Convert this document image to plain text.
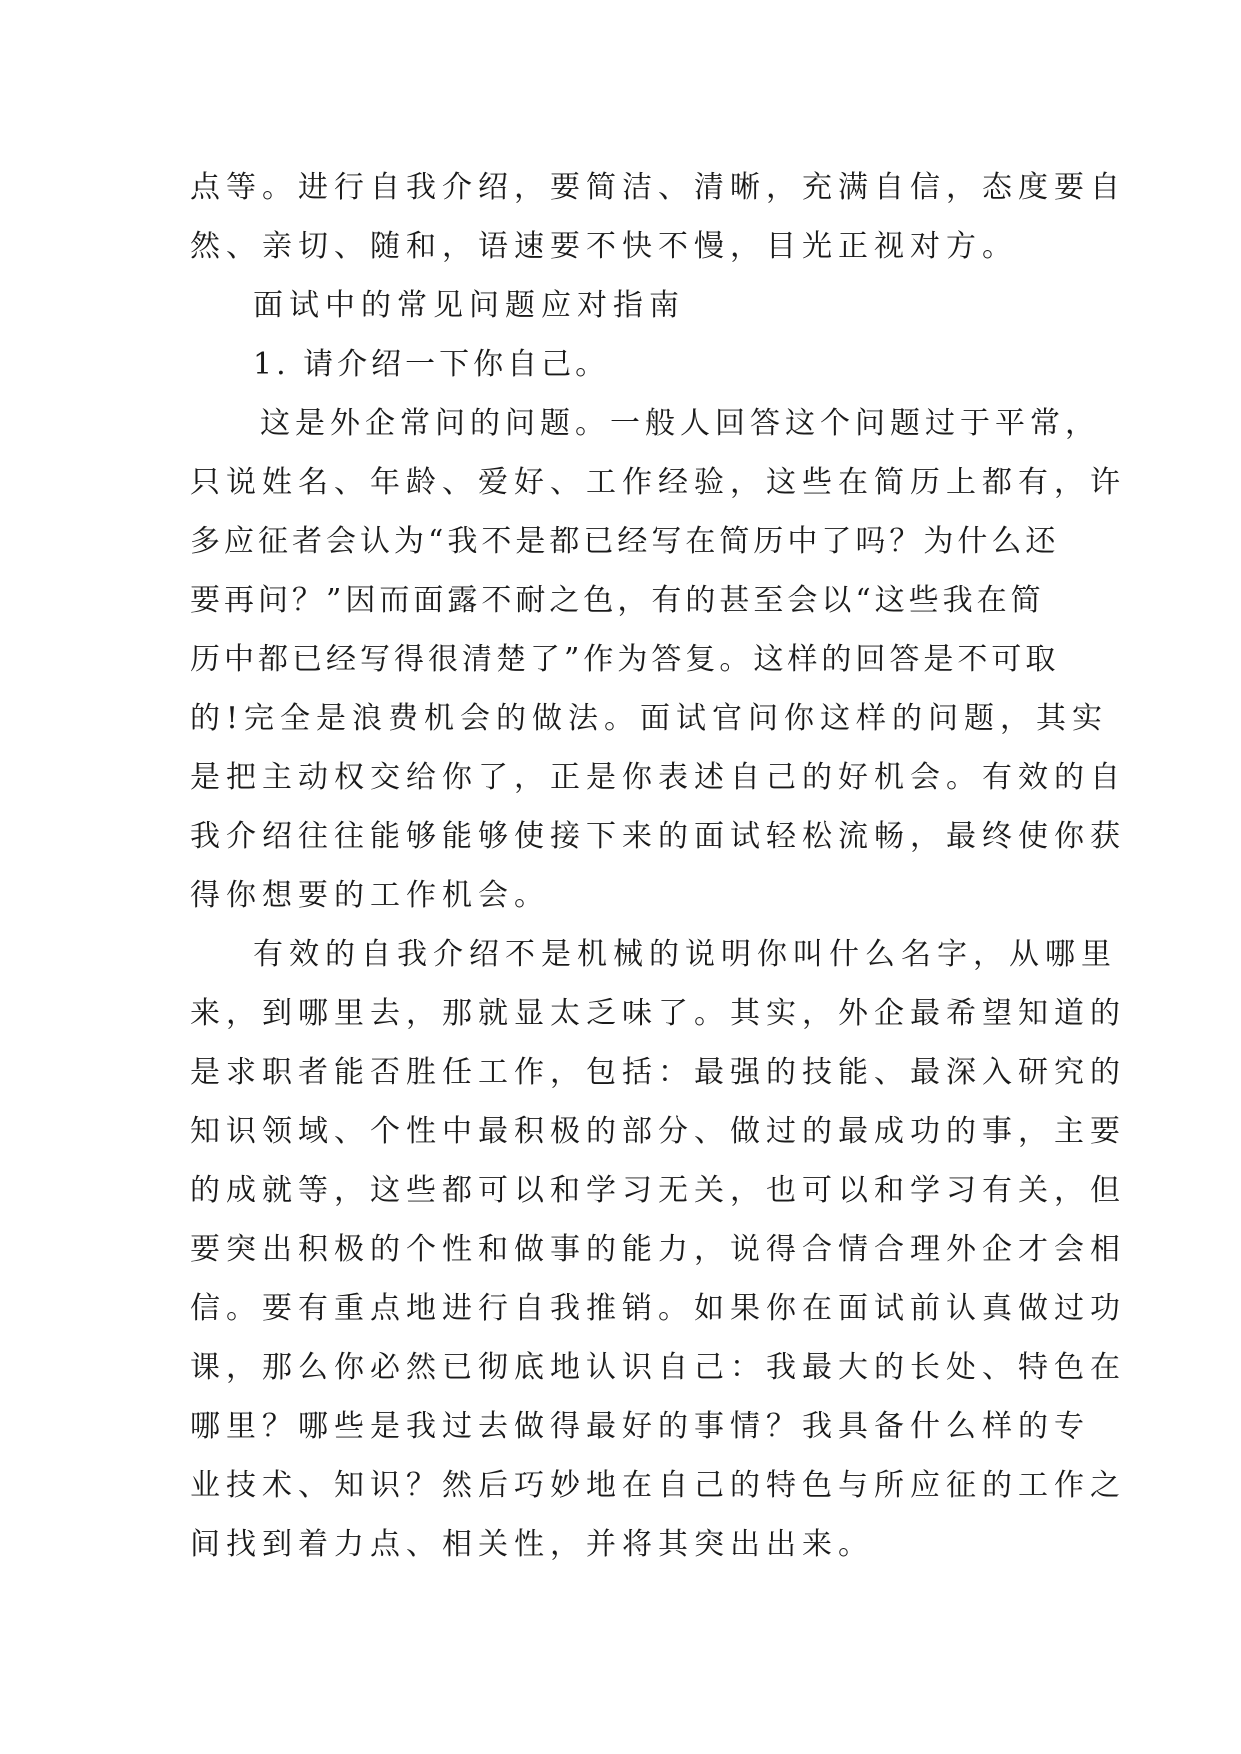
点等。进行自我介绍，要简洁、清晰，充满自信，态度要自
然、亲切、随和，语速要不快不慢，目光正视对方。
面试中的常见问题应对指南
1. 请介绍一下你自己。
这是外企常问的问题。一般人回答这个问题过于平常，
只说姓名、年龄、爱好、工作经验，这些在简历上都有，许
多应征者会认为“我不是都已经写在简历中了吗？为什么还
要再问？”因而面露不耐之色，有的甚至会以“这些我在简
历中都已经写得很清楚了”作为答复。这样的回答是不可取
的!完全是浪费机会的做法。面试官问你这样的问题，其实
是把主动权交给你了，正是你表述自己的好机会。有效的自
我介绍往往能够能够使接下来的面试轻松流畅，最终使你获
得你想要的工作机会。
有效的自我介绍不是机械的说明你叫什么名字，从哪里
来，到哪里去，那就显太乏味了。其实，外企最希望知道的
是求职者能否胜任工作，包括：最强的技能、最深入研究的
知识领域、个性中最积极的部分、做过的最成功的事，主要
的成就等，这些都可以和学习无关，也可以和学习有关，但
要突出积极的个性和做事的能力，说得合情合理外企才会相
信。要有重点地进行自我推销。如果你在面试前认真做过功
课，那么你必然已彻底地认识自己：我最大的长处、特色在
哪里？哪些是我过去做得最好的事情？我具备什么样的专
业技术、知识？然后巧妙地在自己的特色与所应征的工作之
间找到着力点、相关性，并将其突出出来。
